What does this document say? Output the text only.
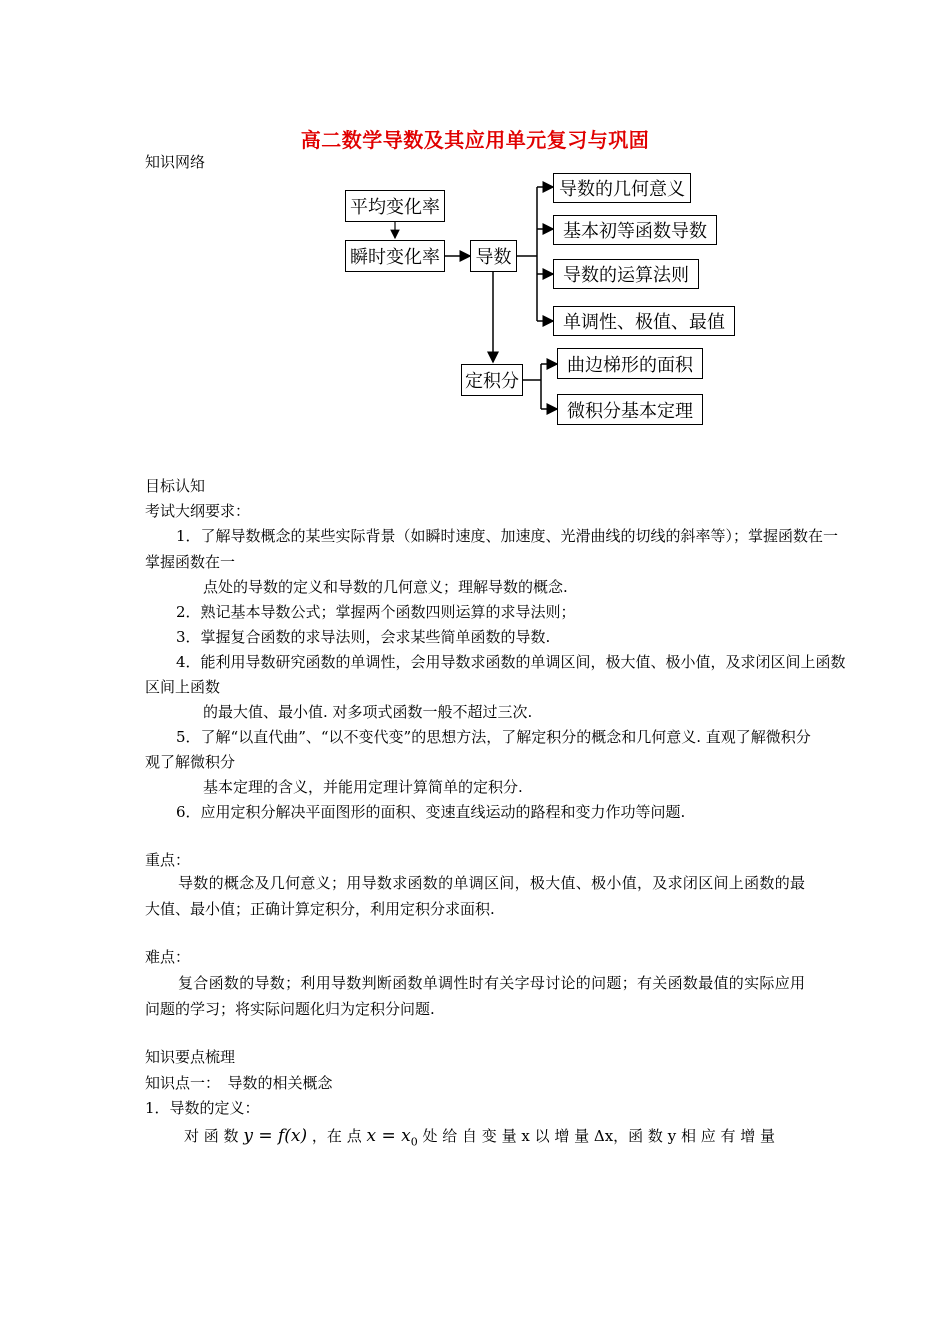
高二数学导数及其应用单元复习与巩固
知识网络
平均变化率
瞬时变化率	导数
导数的几何意义
基本初等函数导数
导数的运算法则
单调性、极值、最值
定积分
曲边梯形的面积
微积分基本定理
目标认知
考试大纲要求：
1．了解导数概念的某些实际背景（如瞬时速度、加速度、光滑曲线的切线的斜率等）；掌握函数在一
掌握函数在一
点处的导数的定义和导数的几何意义；理解导数的概念.
2．熟记基本导数公式；掌握两个函数四则运算的求导法则；
3．掌握复合函数的求导法则，会求某些简单函数的导数.
4．能利用导数研究函数的单调性，会用导数求函数的单调区间，极大值、极小值，及求闭区间上函数
区间上函数
的最大值、最小值. 对多项式函数一般不超过三次.
5．了解“以直代曲”、“以不变代变”的思想方法，了解定积分的概念和几何意义. 直观了解微积分
观了解微积分
基本定理的含义，并能用定理计算简单的定积分.
6．应用定积分解决平面图形的面积、变速直线运动的路程和变力作功等问题.
重点：
导数的概念及几何意义；用导数求函数的单调区间，极大值、极小值，及求闭区间上函数的最大值、最小值；正确计算定积分，利用定积分求面积.
难点：
复合函数的导数；利用导数判断函数单调性时有关字母讨论的问题；有关函数最值的实际应用问题的学习；将实际问题化归为定积分问题.
知识要点梳理
知识点一：　导数的相关概念
1．导数的定义：
对 函 数 y = f(x) ，在 点 $x = x_0$ 处 给 自 变 量 x 以 增 量 Δx，函 数 y 相 应 有 增 量
